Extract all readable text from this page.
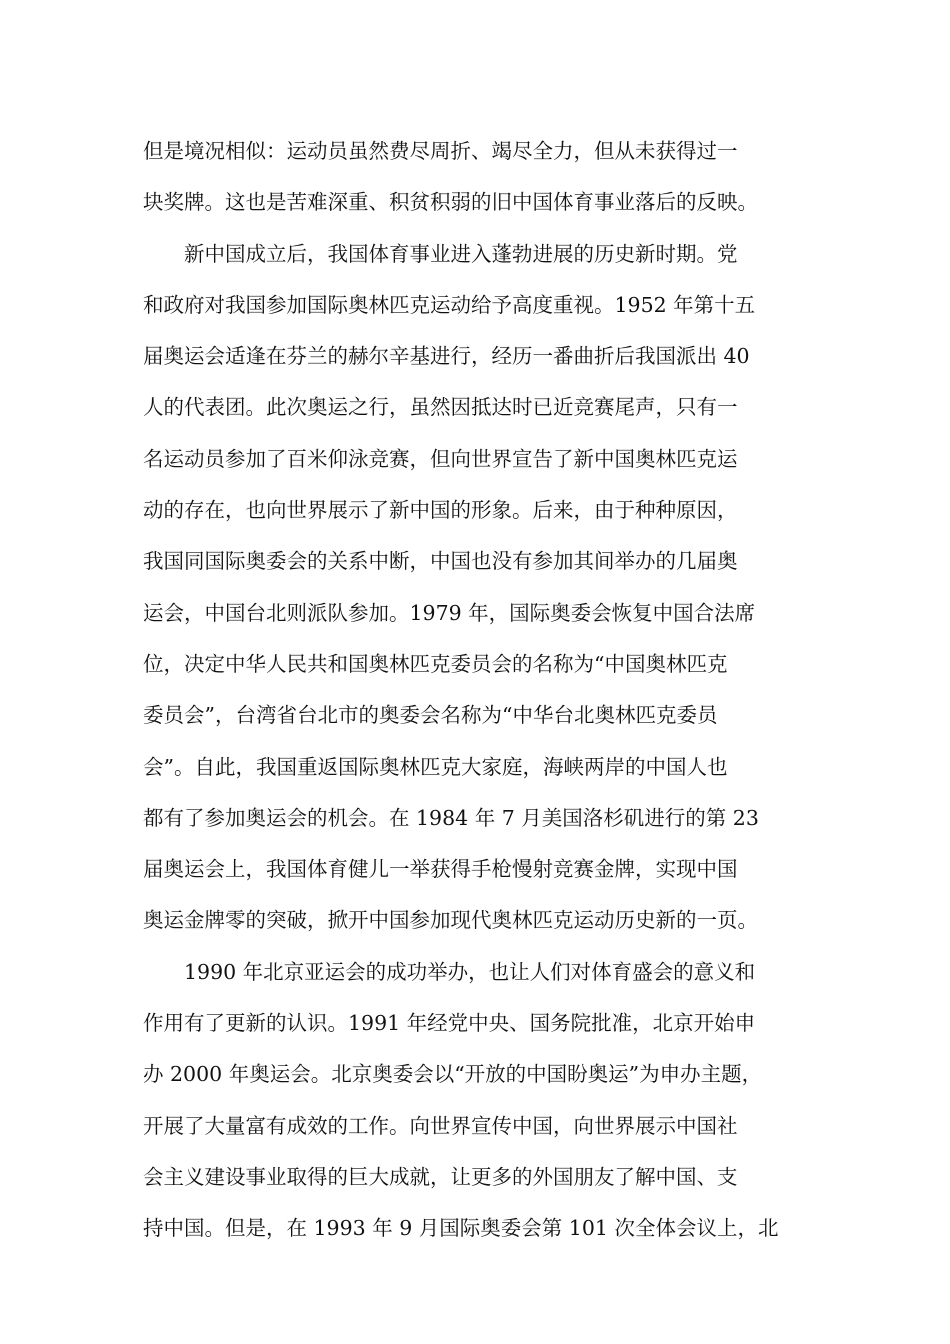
但是境况相似：运动员虽然费尽周折、竭尽全力，但从未获得过一
块奖牌。这也是苦难深重、积贫积弱的旧中国体育事业落后的反映。
新中国成立后，我国体育事业进入蓬勃进展的历史新时期。党
和政府对我国参加国际奥林匹克运动给予高度重视。1952 年第十五
届奥运会适逢在芬兰的赫尔辛基进行，经历一番曲折后我国派出 40
人的代表团。此次奥运之行，虽然因抵达时已近竞赛尾声，只有一
名运动员参加了百米仰泳竞赛，但向世界宣告了新中国奥林匹克运
动的存在，也向世界展示了新中国的形象。后来，由于种种原因，
我国同国际奥委会的关系中断，中国也没有参加其间举办的几届奥
运会，中国台北则派队参加。1979 年，国际奥委会恢复中国合法席
位，决定中华人民共和国奥林匹克委员会的名称为“中国奥林匹克
委员会”，台湾省台北市的奥委会名称为“中华台北奥林匹克委员
会”。自此，我国重返国际奥林匹克大家庭，海峡两岸的中国人也
都有了参加奥运会的机会。在 1984 年 7 月美国洛杉矶进行的第 23
届奥运会上，我国体育健儿一举获得手枪慢射竞赛金牌，实现中国
奥运金牌零的突破，掀开中国参加现代奥林匹克运动历史新的一页。
1990 年北京亚运会的成功举办，也让人们对体育盛会的意义和
作用有了更新的认识。1991 年经党中央、国务院批准，北京开始申
办 2000 年奥运会。北京奥委会以“开放的中国盼奥运”为申办主题，
开展了大量富有成效的工作。向世界宣传中国，向世界展示中国社
会主义建设事业取得的巨大成就，让更多的外国朋友了解中国、支
持中国。但是，在 1993 年 9 月国际奥委会第 101 次全体会议上，北
